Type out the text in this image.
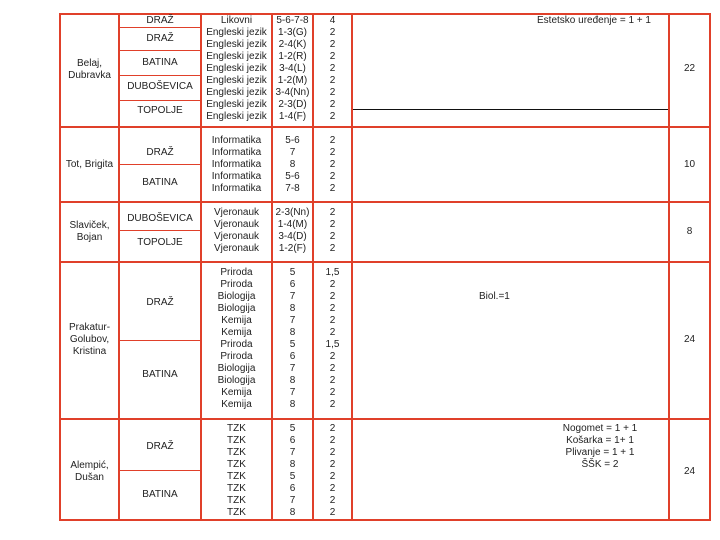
Belaj,
Dubravka
Tot, Brigita
Slaviček,
Bojan
Prakatur-
Golubov,
Kristina
Alempić,
Dušan
DRAŽ
DRAŽ
BATINA
DUBOŠEVICA
TOPOLJE
DRAŽ
BATINA
DUBOŠEVICA
TOPOLJE
DRAŽ
BATINA
DRAŽ
BATINA
Likovni
Engleski jezik
Engleski jezik
Engleski jezik
Engleski jezik
Engleski jezik
Engleski jezik
Engleski jezik
Engleski jezik
5-6-7-8
1-3(G)
2-4(K)
1-2(R)
3-4(L)
1-2(M)
3-4(Nn)
2-3(D)
1-4(F)
4
2
2
2
2
2
2
2
2
Informatika
Informatika
Informatika
Informatika
Informatika
5-6
7
8
5-6
7-8
2
2
2
2
2
Vjeronauk
Vjeronauk
Vjeronauk
Vjeronauk
2-3(Nn)
1-4(M)
3-4(D)
1-2(F)
2
2
2
2
Priroda
Priroda
Biologija
Biologija
Kemija
Kemija
Priroda
Priroda
Biologija
Biologija
Kemija
Kemija
5
6
7
8
7
8
5
6
7
8
7
8
1,5
2
2
2
2
2
1,5
2
2
2
2
2
TZK
TZK
TZK
TZK
TZK
TZK
TZK
TZK
5
6
7
8
5
6
7
8
2
2
2
2
2
2
2
2
Estetsko uređenje = 1 + 1
Biol.=1
Nogomet = 1 + 1
Košarka = 1+ 1
Plivanje = 1 + 1
ŠŠK = 2
22
10
8
24
24
